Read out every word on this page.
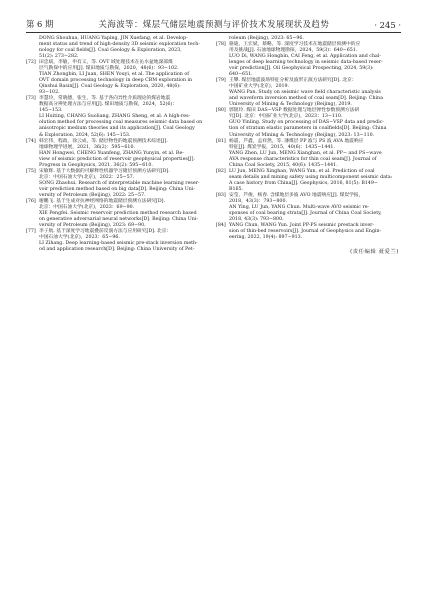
第 6 期	关海波等：煤层气储层地震预测与评价技术发展现状及趋势	· 245 ·
DONG Shouhua, HUANG Yaping, JIN Xuefang, et al. Develop-
ment status and trend of high-density 3D seismic exploration tech-
nology for coal fields[J]. Coal Geology & Exploration, 2023,
51(2): 273−282.
[72] 田忠斌，李敏，申有义，等. OVT 域处理技术在沁水盆地深部煤
层气勘探中的应用[J]. 煤田地质与勘探，2020，48(6)：93−102.
TIAN Zhongbin, LI Juan, SHEN Youyi, et al. The application of
OVT domain processing technology in deep CBM exploration in
Qinshui Basin[J]. Coal Geology & Exploration, 2020, 48(6):
93−102.
[73] 李慧玲，常晓德，张生，等. 基于各向异性介质理论的煤岩地震
数据高分辨处理方法与应用[J]. 煤田地质与勘探，2024，52(6)：
145−153.
LI Huiting, CHANG Suoliang, ZHANG Sheng, et al. A high-res-
olution method for processing coal measures seismic data based on
anisotropic medium theories and its application[J]. Coal Geology
& Exploration, 2024, 52(6): 145−153.
[74] 韩宏伟，程政，徐云成，等. 储层物性的地震预测技术综述[J].
地球物理学进展，2021，36(2)：595−610.
HAN Hongwei, CHENG Yuanfeng, ZHANG Yunyin, et al. Re-
view of seismic prediction of reservoir geophysical properties[J].
Progress in Geophysics, 2021, 36(2): 595−610.
[75] 宋敏辉. 基于大数据的可解释性机器学习储层预测方法研究[D].
北京：中国石油大学(北京)，2022：25−57.
SONG Zhaohui. Research of interpretable machine learning reser-
voir prediction method based on big data[D]. Beijing: China Uni-
versity of Petroleum (Beijing), 2022: 25−57.
[76] 谢鹏飞. 基于生成对抗神经网络的地震储层预测方法研究[D].
北京：中国石油大学(北京)，2023：69−90.
XIE Pengfei. Seismic reservoir prediction method research based
on generative adversarial neural networks[D]. Beijing: China Uni-
versity of Petroleum (Beijing), 2023: 69−90.
[77] 李子航. 基于深度学习地震叠前反演方法与应用研究[D]. 北京：
中国石油大学(北京)，2023：65−96.
LI Zihang. Deep learning-based seismic pre-stack inversion meth-
od and application research[D]. Beijing: China University of Pet-
roleum (Beijing), 2023: 65−96.
[78] 骆迪，王宏斌，蔡略，等. 深度学习技术在地震储层预测中的应
用及挑战[J]. 石油地球物理勘探，2024，59(3)：640−651.
LUO Di, WANG Hongbin, CAI Feng, et al. Application and chal-
lenges of deep learning technology in seismic data-based reser-
voir prediction[J]. Oil Geophysical Prospecting, 2024, 59(3):
640−651.
[79] 王攀. 煤层地震波场特征分析及波形正演方法研究[D]. 北京：
中国矿业大学(北京)，2019.
WANG Pan. Study on seismic wave field characteristic analysis
and waveform inversion method of coal seam[D]. Beijing: China
University of Mining & Technology (Beijing), 2019.
[80] 郭银玲. 煤田 DAS−VSP 数据处理与地层弹性参数预测方法研
究[D]. 北京：中国矿业大学(北京)，2023：13−110.
GUO Yinling. Study on processing of DAS−VSP data and predic-
tion of stratum elastic parameters in coalfields[D]. Beijing: China
University of Mining & Technology (Beijing), 2023: 13−110.
[81] 杨震，芦鑫，孟祥然，等. 薄煤层 PP 波与 PS 波 AVA 地震响应
特征[J]. 煤炭学报，2015，40(6)：1435−1441.
YANG Zhen, LU Jun, MENG Xianghan, et al. PP− and PS−wave
AVA response characteristics for thin coal seam[J]. Journal of
China Coal Society, 2015, 40(6): 1435−1441.
[82] LU Jun, MENG Xinghan, WANG Yun, et al. Prediction of coal
seam details and mining safety using multicomponent seismic data:
A case history from China[J]. Geophysics, 2016, 81(5): B149−
B165.
[83] 安莹，芦俊，杨春. 含煤地层多波 AVO 地震响应[J]. 煤炭学报，
2018，43(3)：793−800.
AN Ying, LU Jun, YANG Chun. Multi-wave AVO seismic re-
sponses of coal bearing strata[J]. Journal of China Coal Society,
2018, 43(3): 793−800.
[84] YANG Chun, WANG Yun. Joint PP-PS seismic prestack inver-
sion of thin-bed reservoirs[J]. Journal of Geophysics and Engin-
eering, 2022, 19(4): 897−913.
(责任编辑 聂爱兰)
